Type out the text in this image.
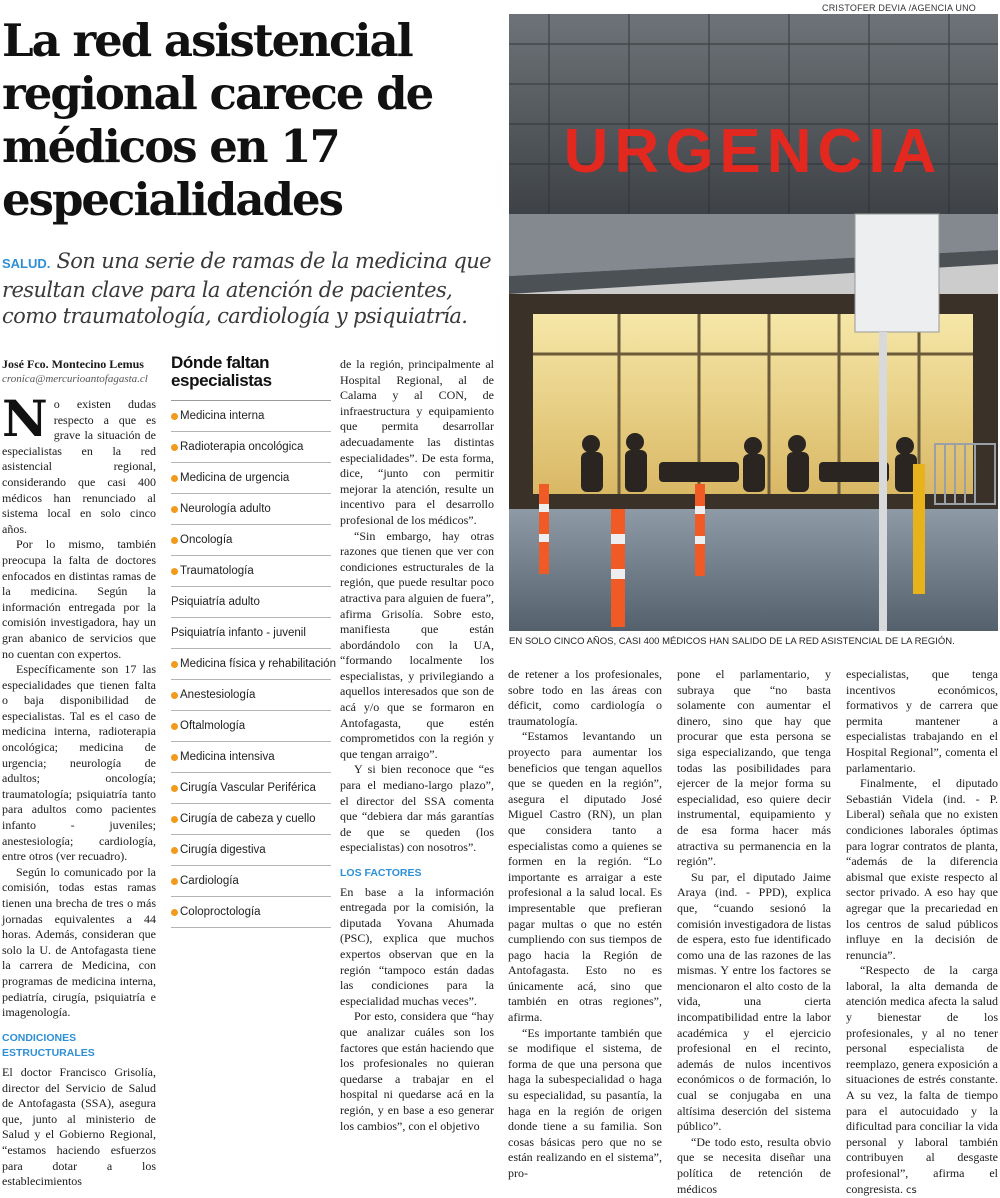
La red asistencial regional carece de médicos en 17 especialidades
SALUD. Son una serie de ramas de la medicina que resultan clave para la atención de pacientes, como traumatología, cardiología y psiquiatría.
CRISTOFER DEVIA /AGENCIA UNO
URGENCIA
EN SOLO CINCO AÑOS, CASI 400 MÉDICOS HAN SALIDO DE LA RED ASISTENCIAL DE LA REGIÓN.
José Fco. Montecino Lemus
cronica@mercurioantofagasta.cl

No existen dudas respecto a que es grave la situación de especialistas en la red asistencial regional, considerando que casi 400 médicos han renunciado al sistema local en solo cinco años.

Por lo mismo, también preocupa la falta de doctores enfocados en distintas ramas de la medicina. Según la información entregada por la comisión investigadora, hay un gran abanico de servicios que no cuentan con expertos.

Específicamente son 17 las especialidades que tienen falta o baja disponibilidad de especialistas. Tal es el caso de medicina interna, radioterapia oncológica; medicina de urgencia; neurología de adultos; oncología; traumatología; psiquiatría tanto para adultos como pacientes infanto - juveniles; anestesiología; cardiología, entre otros (ver recuadro).

Según lo comunicado por la comisión, todas estas ramas tienen una brecha de tres o más jornadas equivalentes a 44 horas. Además, consideran que solo la U. de Antofagasta tiene la carrera de Medicina, con programas de medicina interna, pediatría, cirugía, psiquiatría e imagenología.

CONDICIONES ESTRUCTURALES

El doctor Francisco Grisolía, director del Servicio de Salud de Antofagasta (SSA), asegura que, junto al ministerio de Salud y el Gobierno Regional, “estamos haciendo esfuerzos para dotar a los establecimientos

Dónde faltan especialistas
Medicina interna
Radioterapia oncológica
Medicina de urgencia
Neurología adulto
Oncología
Traumatología
Psiquiatría adulto
Psiquiatría infanto - juvenil
Medicina física y rehabilitación
Anestesiología
Oftalmología
Medicina intensiva
Cirugía Vascular Periférica
Cirugía de cabeza y cuello
Cirugía digestiva
Cardiología
Coloproctología

de la región, principalmente al Hospital Regional, al de Calama y al CON, de infraestructura y equipamiento que permita desarrollar adecuadamente las distintas especialidades”. De esta forma, dice, “junto con permitir mejorar la atención, resulte un incentivo para el desarrollo profesional de los médicos”.

“Sin embargo, hay otras razones que tienen que ver con condiciones estructurales de la región, que puede resultar poco atractiva para alguien de fuera”, afirma Grisolía. Sobre esto, manifiesta que están abordándolo con la UA, “formando localmente los especialistas, y privilegiando a aquellos interesados que son de acá y/o que se formaron en Antofagasta, que estén comprometidos con la región y que tengan arraigo”.

Y si bien reconoce que “es para el mediano-largo plazo”, el director del SSA comenta que “debiera dar más garantías de que se queden (los especialistas) con nosotros”.

LOS FACTORES

En base a la información entregada por la comisión, la diputada Yovana Ahumada (PSC), explica que muchos expertos observan que en la región “tampoco están dadas las condiciones para la especialidad muchas veces”.

Por esto, considera que “hay que analizar cuáles son los factores que están haciendo que los profesionales no quieran quedarse a trabajar en el hospital ni quedarse acá en la región, y en base a eso generar los cambios”, con el objetivo

de retener a los profesionales, sobre todo en las áreas con déficit, como cardiología o traumatología.

“Estamos levantando un proyecto para aumentar los beneficios que tengan aquellos que se queden en la región”, asegura el diputado José Miguel Castro (RN), un plan que considera tanto a especialistas como a quienes se formen en la región. “Lo importante es arraigar a este profesional a la salud local. Es impresentable que prefieran pagar multas o que no estén cumpliendo con sus tiempos de pago hacia la Región de Antofagasta. Esto no es únicamente acá, sino que también en otras regiones”, afirma.

“Es importante también que se modifique el sistema, de forma de que una persona que haga la subespecialidad o haga su especialidad, su pasantía, la haga en la región de origen donde tiene a su familia. Son cosas básicas pero que no se están realizando en el sistema”, pro-

pone el parlamentario, y subraya que “no basta solamente con aumentar el dinero, sino que hay que procurar que esta persona se siga especializando, que tenga todas las posibilidades para ejercer de la mejor forma su especialidad, eso quiere decir instrumental, equipamiento y de esa forma hacer más atractiva su permanencia en la región”.

Su par, el diputado Jaime Araya (ind. - PPD), explica que, “cuando sesionó la comisión investigadora de listas de espera, esto fue identificado como una de las razones de las mismas. Y entre los factores se mencionaron el alto costo de la vida, una cierta incompatibilidad entre la labor académica y el ejercicio profesional en el recinto, además de nulos incentivos económicos o de formación, lo cual se conjugaba en una altísima deserción del sistema público”.

“De todo esto, resulta obvio que se necesita diseñar una política de retención de médicos

especialistas, que tenga incentivos económicos, formativos y de carrera que permita mantener a especialistas trabajando en el Hospital Regional”, comenta el parlamentario.

Finalmente, el diputado Sebastián Videla (ind. - P. Liberal) señala que no existen condiciones laborales óptimas para lograr contratos de planta, “además de la diferencia abismal que existe respecto al sector privado. A eso hay que agregar que la precariedad en los centros de salud públicos influye en la decisión de renuncia”.

“Respecto de la carga laboral, la alta demanda de atención medica afecta la salud y bienestar de los profesionales, y al no tener personal especialista de reemplazo, genera exposición a situaciones de estrés constante. A su vez, la falta de tiempo para el autocuidado y la dificultad para conciliar la vida personal y laboral también contribuyen al desgaste profesional”, afirma el congresista. cs
